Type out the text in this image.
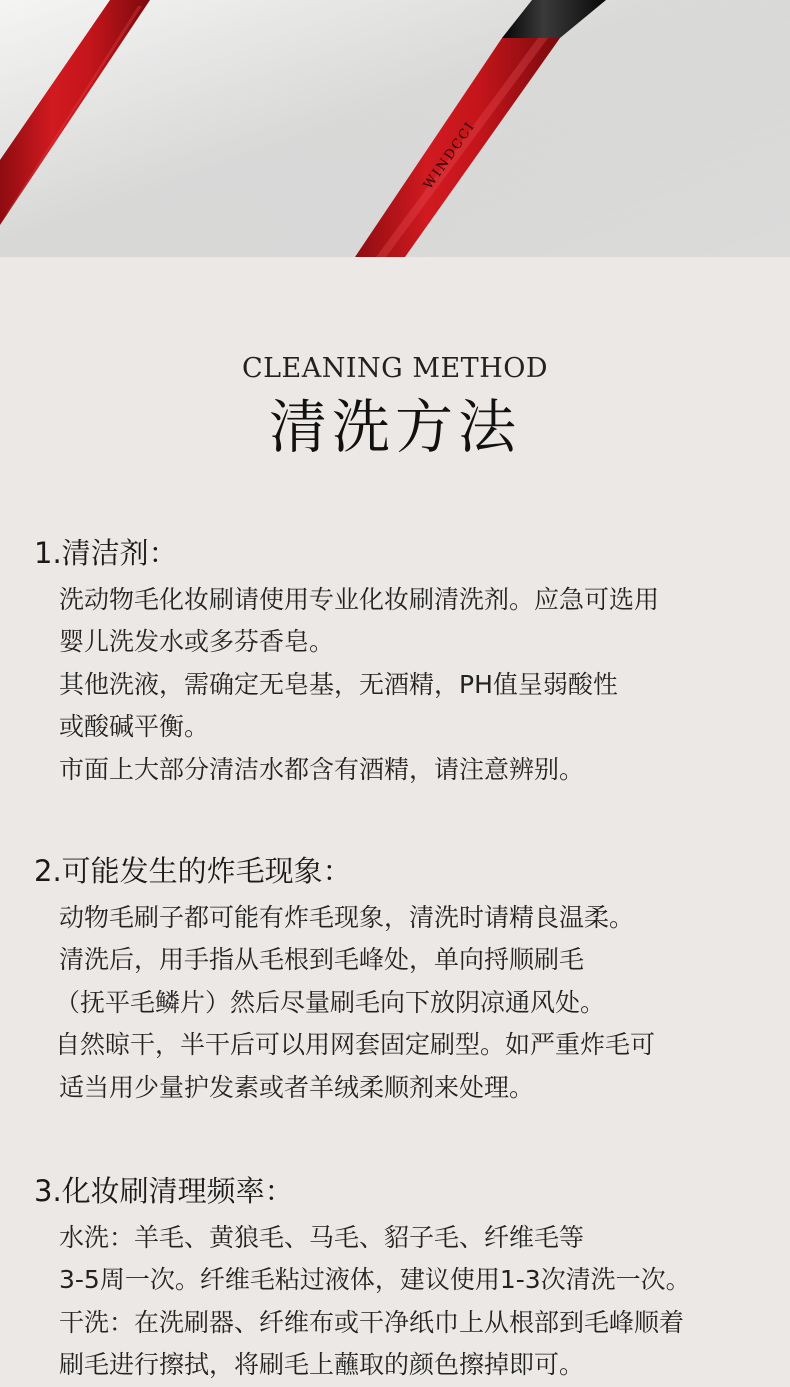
WINDCCI
CLEANING METHOD
清洗方法
1.清洁剂：
洗动物毛化妆刷请使用专业化妆刷清洗剂。应急可选用
婴儿洗发水或多芬香皂。
其他洗液，需确定无皂基，无酒精，PH值呈弱酸性
或酸碱平衡。
市面上大部分清洁水都含有酒精，请注意辨别。
2.可能发生的炸毛现象：
动物毛刷子都可能有炸毛现象，清洗时请精良温柔。
清洗后，用手指从毛根到毛峰处，单向捋顺刷毛
（抚平毛鳞片）然后尽量刷毛向下放阴凉通风处。
自然晾干，半干后可以用网套固定刷型。如严重炸毛可
适当用少量护发素或者羊绒柔顺剂来处理。
3.化妆刷清理频率：
水洗：羊毛、黄狼毛、马毛、貂子毛、纤维毛等
3-5周一次。纤维毛粘过液体，建议使用1-3次清洗一次。
干洗：在洗刷器、纤维布或干净纸巾上从根部到毛峰顺着
刷毛进行擦拭，将刷毛上蘸取的颜色擦掉即可。
